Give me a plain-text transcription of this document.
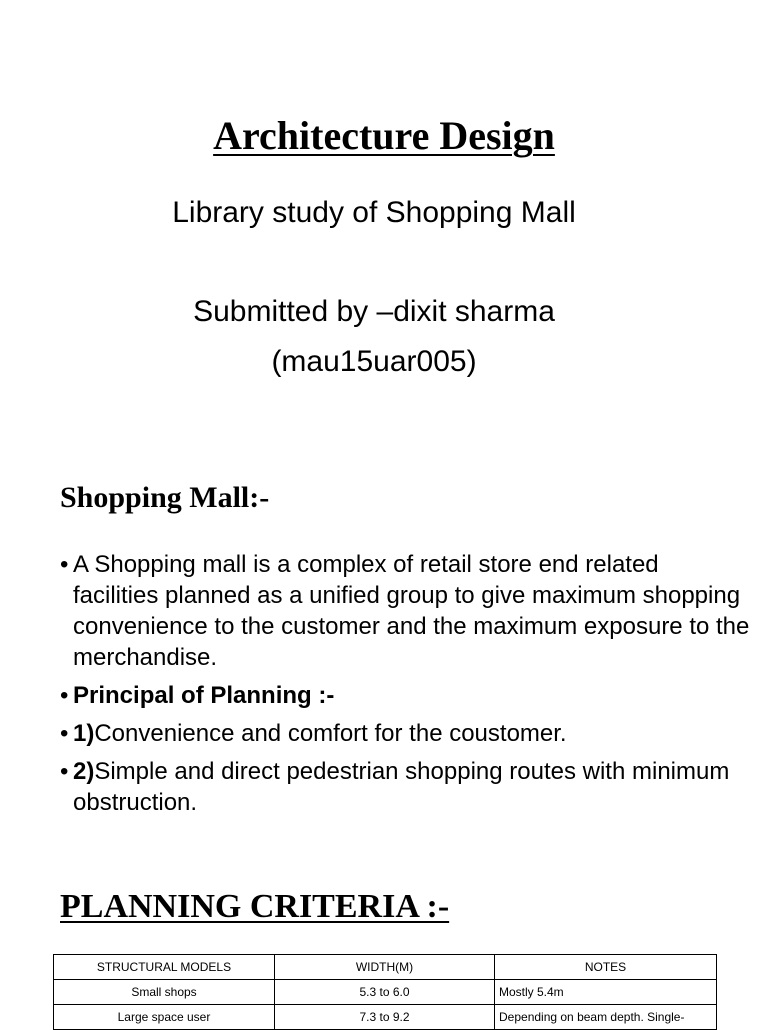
Architecture Design
Library study of Shopping Mall
Submitted by –dixit sharma
(mau15uar005)
Shopping Mall:-
• A Shopping mall is a complex of retail store end related facilities planned as a unified group to give maximum shopping convenience to the customer and the maximum exposure to the merchandise.
• Principal of Planning :-
• 1)Convenience and comfort for the coustomer.
• 2)Simple and direct pedestrian shopping routes with minimum obstruction.
PLANNING CRITERIA :-
STRUCTURAL MODELS	WIDTH(M)	NOTES
Small shops	5.3 to 6.0	Mostly 5.4m
Large space user	7.3 to 9.2	Depending on beam depth. Single-
